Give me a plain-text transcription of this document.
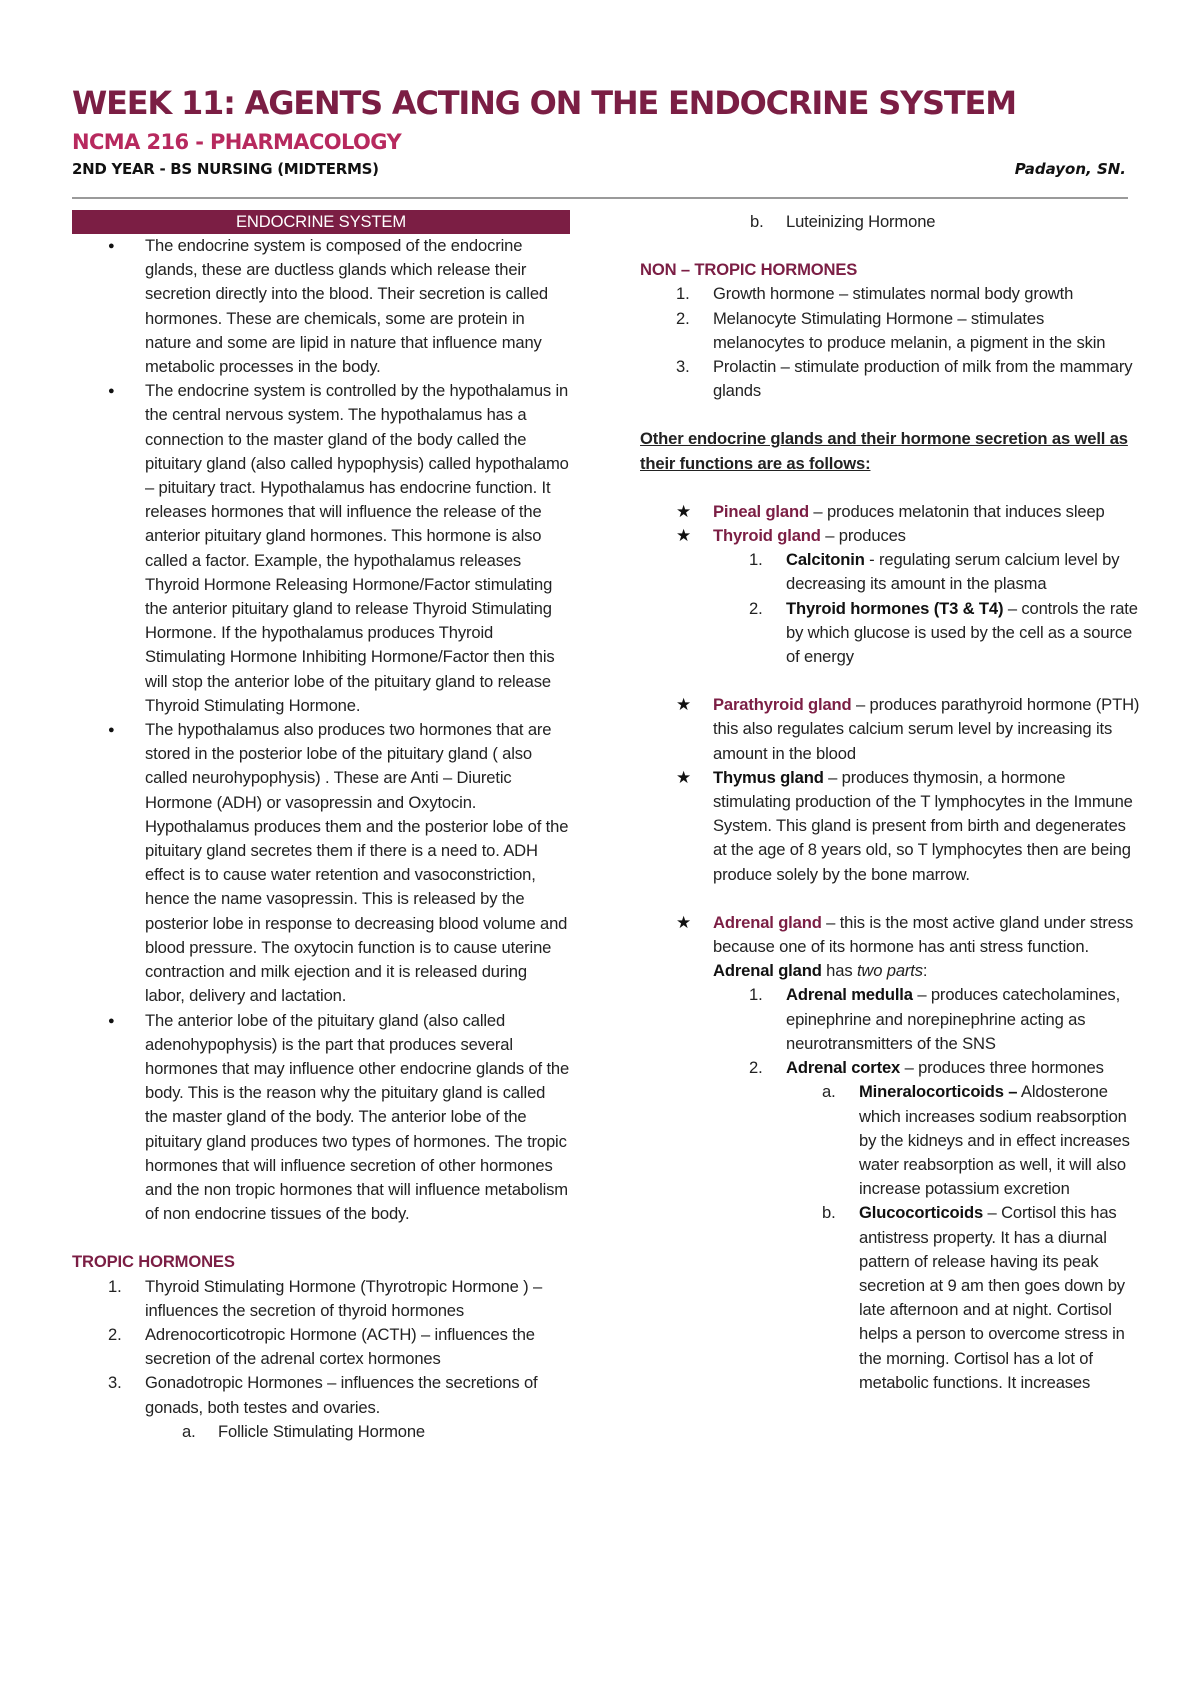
WEEK 11: AGENTS ACTING ON THE ENDOCRINE SYSTEM
NCMA 216 - PHARMACOLOGY
2ND YEAR - BS NURSING (MIDTERMS)	Padayon, SN.
ENDOCRINE SYSTEM
● The endocrine system is composed of the endocrine glands, these are ductless glands which release their secretion directly into the blood. Their secretion is called hormones. These are chemicals, some are protein in nature and some are lipid in nature that influence many metabolic processes in the body.
● The endocrine system is controlled by the hypothalamus in the central nervous system. The hypothalamus has a connection to the master gland of the body called the pituitary gland (also called hypophysis) called hypothalamo – pituitary tract. Hypothalamus has endocrine function. It releases hormones that will influence the release of the anterior pituitary gland hormones. This hormone is also called a factor. Example, the hypothalamus releases Thyroid Hormone Releasing Hormone/Factor stimulating the anterior pituitary gland to release Thyroid Stimulating Hormone. If the hypothalamus produces Thyroid Stimulating Hormone Inhibiting Hormone/Factor then this will stop the anterior lobe of the pituitary gland to release Thyroid Stimulating Hormone.
● The hypothalamus also produces two hormones that are stored in the posterior lobe of the pituitary gland ( also called neurohypophysis) . These are Anti – Diuretic Hormone (ADH) or vasopressin and Oxytocin. Hypothalamus produces them and the posterior lobe of the pituitary gland secretes them if there is a need to. ADH effect is to cause water retention and vasoconstriction, hence the name vasopressin. This is released by the posterior lobe in response to decreasing blood volume and blood pressure. The oxytocin function is to cause uterine contraction and milk ejection and it is released during labor, delivery and lactation.
● The anterior lobe of the pituitary gland (also called adenohypophysis) is the part that produces several hormones that may influence other endocrine glands of the body. This is the reason why the pituitary gland is called the master gland of the body. The anterior lobe of the pituitary gland produces two types of hormones. The tropic hormones that will influence secretion of other hormones and the non tropic hormones that will influence metabolism of non endocrine tissues of the body.
TROPIC HORMONES
1. Thyroid Stimulating Hormone (Thyrotropic Hormone ) – influences the secretion of thyroid hormones
2. Adrenocorticotropic Hormone (ACTH) – influences the secretion of the adrenal cortex hormones
3. Gonadotropic Hormones – influences the secretions of gonads, both testes and ovaries.
a. Follicle Stimulating Hormone
b. Luteinizing Hormone
NON – TROPIC HORMONES
1. Growth hormone – stimulates normal body growth
2. Melanocyte Stimulating Hormone – stimulates melanocytes to produce melanin, a pigment in the skin
3. Prolactin – stimulate production of milk from the mammary glands
Other endocrine glands and their hormone secretion as well as their functions are as follows:
★ Pineal gland – produces melatonin that induces sleep
★ Thyroid gland – produces
1. Calcitonin - regulating serum calcium level by decreasing its amount in the plasma
2. Thyroid hormones (T3 & T4) – controls the rate by which glucose is used by the cell as a source of energy
★ Parathyroid gland – produces parathyroid hormone (PTH) this also regulates calcium serum level by increasing its amount in the blood
★ Thymus gland – produces thymosin, a hormone stimulating production of the T lymphocytes in the Immune System. This gland is present from birth and degenerates at the age of 8 years old, so T lymphocytes then are being produce solely by the bone marrow.
★ Adrenal gland – this is the most active gland under stress because one of its hormone has anti stress function. Adrenal gland has two parts:
1. Adrenal medulla – produces catecholamines, epinephrine and norepinephrine acting as neurotransmitters of the SNS
2. Adrenal cortex – produces three hormones
a. Mineralocorticoids – Aldosterone which increases sodium reabsorption by the kidneys and in effect increases water reabsorption as well, it will also increase potassium excretion
b. Glucocorticoids – Cortisol this has antistress property. It has a diurnal pattern of release having its peak secretion at 9 am then goes down by late afternoon and at night. Cortisol helps a person to overcome stress in the morning. Cortisol has a lot of metabolic functions. It increases
